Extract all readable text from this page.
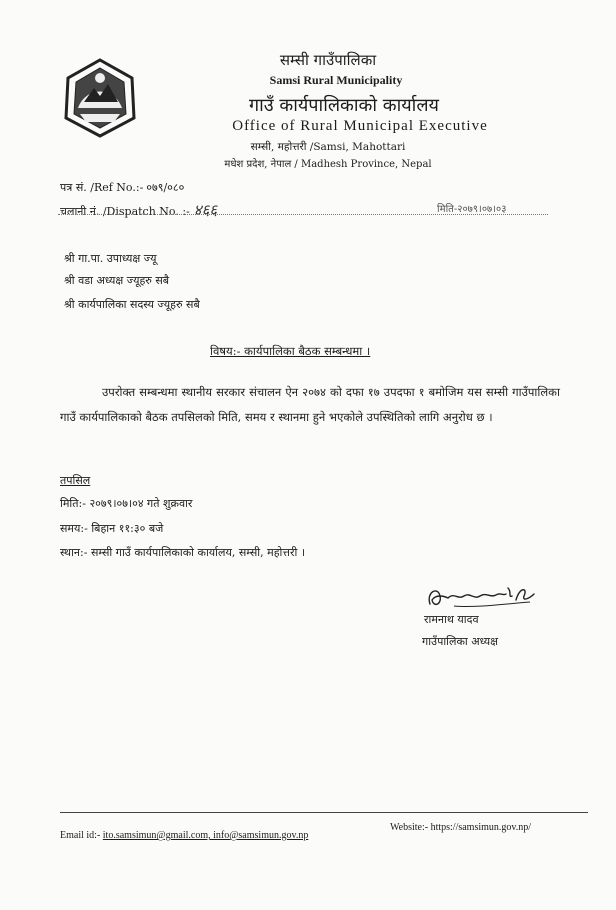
सम्सी गाउँपालिका
Samsi Rural Municipality
गाउँ कार्यपालिकाको कार्यालय
Office of Rural Municipal Executive
सम्सी, महोत्तरी /Samsi, Mahottari
मधेश प्रदेश, नेपाल / Madhesh Province, Nepal
पत्र सं. /Ref No.:- ०७९/०८०
चलानी नं. /Dispatch No. :- ४६६	मिति-२०७९।०७।०३
श्री गा.पा. उपाध्यक्ष ज्यू
श्री वडा अध्यक्ष ज्यूहरु सबै
श्री कार्यपालिका सदस्य ज्यूहरु सबै
विषय:- कार्यपालिका बैठक सम्बन्धमा ।
उपरोक्त सम्बन्धमा स्थानीय सरकार संचालन ऐन २०७४ को दफा १७ उपदफा १ बमोजिम यस सम्सी गाउँपालिका गाउँ कार्यपालिकाको बैठक तपसिलको मिति, समय र स्थानमा हुने भएकोले उपस्थितिको लागि अनुरोध छ ।
तपसिल
मिति:- २०७९।०७।०४ गते शुक्रवार
समय:- बिहान ११:३० बजे
स्थान:- सम्सी गाउँ कार्यपालिकाको कार्यालय, सम्सी, महोत्तरी ।
रामनाथ यादव
गाउँपालिका अध्यक्ष
Email id:- ito.samsimun@gmail.com, info@samsimun.gov.np
Website:- https://samsimun.gov.np/
